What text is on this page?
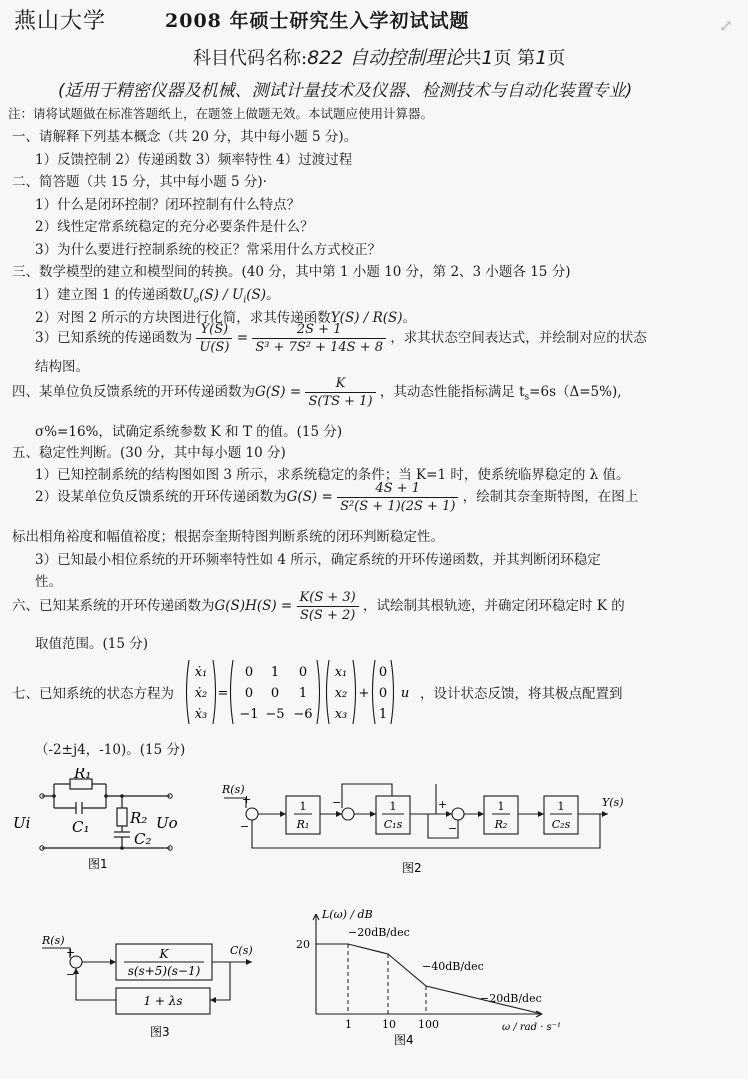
燕山大学	2008 年硕士研究生入学初试试题	⤢
科目代码名称:822 自动控制理论共1页 第1页
(适用于精密仪器及机械、测试计量技术及仪器、检测技术与自动化装置专业)
注：请将试题做在标准答题纸上，在题签上做题无效。本试题应使用计算器。
一、请解释下列基本概念（共 20 分，其中每小题 5 分)。
1）反馈控制 2）传递函数 3）频率特性 4）过渡过程
二、简答题（共 15 分，其中每小题 5 分)·
1）什么是闭环控制？闭环控制有什么特点？
2）线性定常系统稳定的充分必要条件是什么？
3）为什么要进行控制系统的校正？常采用什么方式校正？
三、数学模型的建立和模型间的转换。(40 分，其中第 1 小题 10 分，第 2、3 小题各 15 分)
1）建立图 1 的传递函数$U_o(S) / U_i(S)$。
2）对图 2 所示的方块图进行化简，求其传递函数Y(S) / R(S)。
3）已知系统的传递函数为 $\frac{Y(S)}{U(S)} = \frac{2S + 1}{\text{S³ + 7S² + 14S + 8}}$ ，求其状态空间表达式，并绘制对应的状态
结构图。
四、某单位负反馈系统的开环传递函数为$G(S) = \frac{K}{S(TS + 1)}$ ，其动态性能指标满足 $t_s=6s(\Delta=5\%)$,
σ%=16%，试确定系统参数 K 和 T 的值。(15 分)
五、稳定性判断。(30 分，其中每小题 10 分)
1）已知控制系统的结构图如图 3 所示，求系统稳定的条件；当 K=1 时，使系统临界稳定的 λ 值。
2）设某单位负反馈系统的开环传递函数为$G(S) = \frac{4S + 1}{\text{S²(S + 1)(2S + 1)}}$ ，绘制其奈奎斯特图，在图上
标出相角裕度和幅值裕度；根据奈奎斯特图判断系统的闭环判断稳定性。
3）已知最小相位系统的开环频率特性如 4 所示，确定系统的开环传递函数，并其判断闭环稳定
性。
六、已知某系统的开环传递函数为$G(S)H(S) = \frac{K(S + 3)}{S(S + 2)}$ ，试绘制其根轨迹，并确定闭环稳定时 K 的
取值范围。(15 分)
七、已知系统的状态方程为
ẋ₁
ẋ₂
ẋ₃
=
0 1 0
0 0 1
−1 −5 −6
x₁
x₂
x₃
+
0
0
1
u ，设计状态反馈，将其极点配置到
（-2±j4，-10)。(15 分)
Ui	Uo
R₁
C₁	R₂
C₂
图1
1
R₁
1
C₁s
1
R₂
1
C₂s
R(s)
+
−
−	+
−
Y(s)
图2
K
s(s+5)(s−1)
1 + λs
R(s)
+
−
C(s)
图3
L(ω) / dB
20
1	10 100
−20dB/dec
−40dB/dec
−20dB/dec
ω / rad · s⁻¹
图4
